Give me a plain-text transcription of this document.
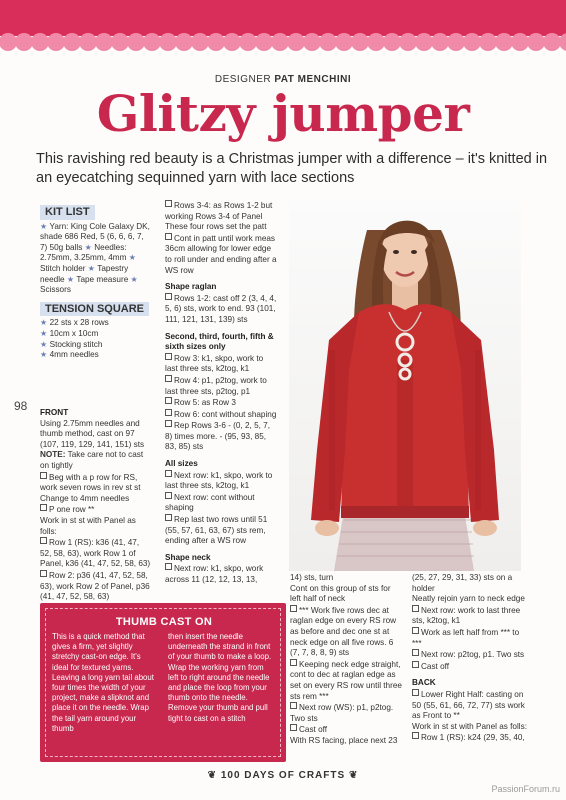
DESIGNER PAT MENCHINI
Glitzy jumper
This ravishing red beauty is a Christmas jumper with a difference – it's knitted in an eyecatching sequinned yarn with lace sections
KIT LIST
★ Yarn: King Cole Galaxy DK, shade 686 Red, 5 (6, 6, 6, 7, 7) 50g balls ★ Needles: 2.75mm, 3.25mm, 4mm ★ Stitch holder ★ Tapestry needle ★ Tape measure ★ Scissors
TENSION SQUARE
★ 22 sts x 28 rows
★ 10cm x 10cm
★ Stocking stitch
★ 4mm needles
98 FRONT

Using 2.75mm needles and thumb method, cast on 97 (107, 119, 129, 141, 151) sts

NOTE: Take care not to cast on tightly

Beg with a p row for RS, work seven rows in rev st st

Change to 4mm needles

P one row **

Work in st st with Panel as folls:

Row 1 (RS): k36 (41, 47, 52, 58, 63), work Row 1 of Panel, k36 (41, 47, 52, 58, 63)

Row 2: p36 (41, 47, 52, 58, 63), work Row 2 of Panel, p36 (41, 47, 52, 58, 63)

Rows 3-4: as Rows 1-2 but working Rows 3-4 of Panel

These four rows set the patt

Cont in patt until work meas 36cm allowing for lower edge to roll under and ending after a WS row

Shape raglan

Rows 1-2: cast off 2 (3, 4, 4, 5, 6) sts, work to end. 93 (101, 111, 121, 131, 139) sts

Second, third, fourth, fifth & sixth sizes only

Row 3: k1, skpo, work to last three sts, k2tog, k1

Row 4: p1, p2tog, work to last three sts, p2tog, p1

Row 5: as Row 3

Row 6: cont without shaping

Rep Rows 3-6 - (0, 2, 5, 7, 8) times more. - (95, 93, 85, 83, 85) sts

All sizes

Next row: k1, skpo, work to last three sts, k2tog, k1

Next row: cont without shaping

Rep last two rows until 51 (55, 57, 61, 63, 67) sts rem, ending after a WS row

Shape neck

Next row: k1, skpo, work across 11 (12, 12, 13, 13,	14) sts, turn

Cont on this group of sts for left half of neck

*** Work five rows dec at raglan edge on every RS row as before and dec one st at neck edge on all five rows. 6 (7, 7, 8, 8, 9) sts

Keeping neck edge straight, cont to dec at raglan edge as set on every RS row until three sts rem ***

Next row (WS): p1, p2tog. Two sts

Cast off

With RS facing, place next 23

(25, 27, 29, 31, 33) sts on a holder

Neatly rejoin yarn to neck edge

Next row: work to last three sts, k2tog, k1

Work as left half from *** to ***

Next row: p2tog, p1. Two sts

Cast off

BACK

Lower Right Half: casting on 50 (55, 61, 66, 72, 77) sts work as Front to **

Work in st st with Panel as folls:

Row 1 (RS): k24 (29, 35, 40,

THUMB CAST ON
This is a quick method that gives a firm, yet slightly stretchy cast-on edge. It's ideal for textured yarns. Leaving a long yarn tail about four times the width of your project, make a slipknot and place it on the needle. Wrap the tail yarn around your thumb
then insert the needle underneath the strand in front of your thumb to make a loop. Wrap the working yarn from left to right around the needle and place the loop from your thumb onto the needle. Remove your thumb and pull tight to cast on a stitch
❦ 100 DAYS OF CRAFTS ❦
PassionForum.ru
